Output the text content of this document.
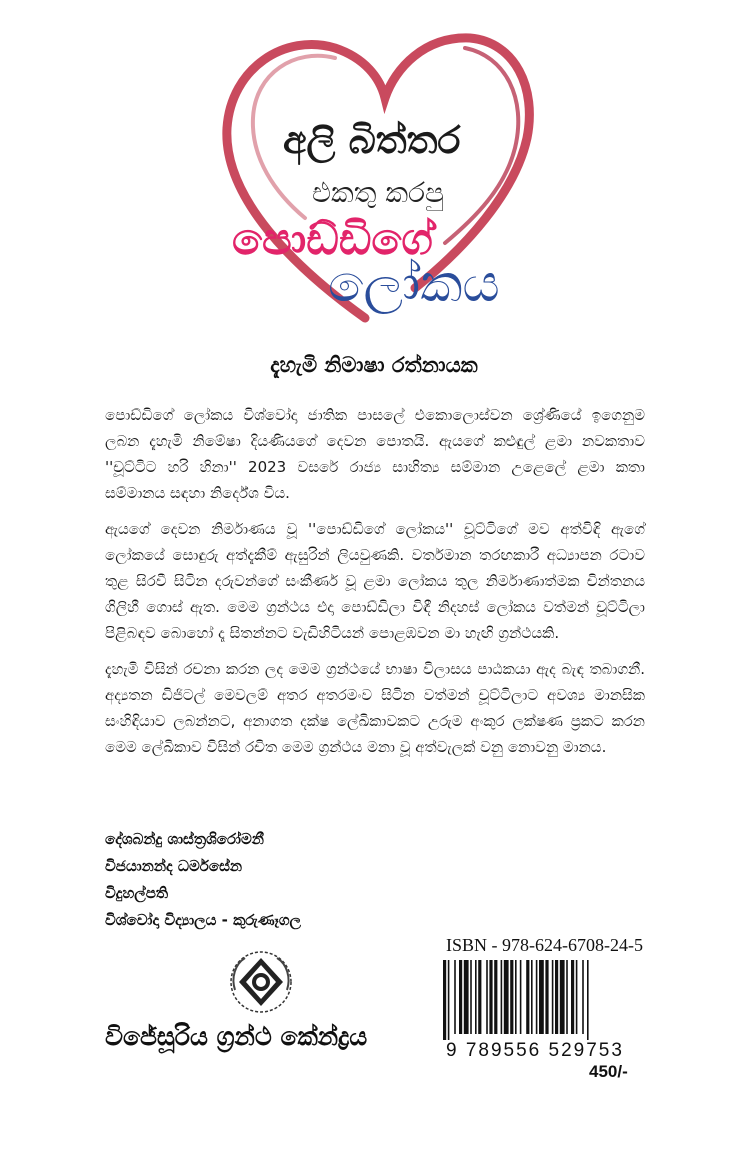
අලි බිත්තර
එකතු කරපු
පොඩ්ඩිගේ
ලෝකය
දැහැමි නිමාෂා රත්නායක

පොඩ්ඩිගේ ලෝකය විශ්වෝදා ජාතික පාසලේ එකොලොස්වන ශ්‍රේණියේ ඉගෙනුම ලබන දැහැමි නිමේෂා දියණියගේ දෙවන පොතයි. ඇයගේ කළුඳුල් ළමා නවකතාව ''චූට්ටිට හරි හිනා'' 2023 වසරේ රාජ්‍ය සාහිත්‍ය සම්මාන උළෙලේ ළමා කතා සම්මානය සඳහා නිර්දේශ විය.

ඇයගේ දෙවන නිර්මාණය වූ ''පොඩ්ඩිගේ ලෝකය'' චූට්ටිගේ මව අත්විඳි ඇගේ ලෝකයේ සොඳුරු අත්දැකීම් ඇසුරින් ලියවුණකි. වර්තමාන තරඟකාරී අධ්‍යාපන රටාව තුළ සිරවී සිටින දරුවන්ගේ සංකීර්ණ වූ ළමා ලෝකය තුල නිර්මාණාත්මක චින්තනය ගිලිහී ගොස් ඇත. මෙම ග්‍රන්ථය එදා පොඩ්ඩිලා විඳී නිදහස් ලෝකය වත්මන් චූට්ටිලා පිළිබඳව බොහෝ දෑ සිතන්නට වැඩිහිටියන් පොළඹවන මා හැඟි ග්‍රන්ථයකි.

දැහැමි විසින් රචනා කරන ලද මෙම ග්‍රන්ථයේ භාෂා විලාසය පාඨකයා ඇද බැඳ තබාගනී. අද්‍යතන ඩිජිටල් මෙවලම් අතර අතරමංව සිටින වත්මන් චූට්ටිලාට අවශ්‍ය මානසික සංහිඳියාව ලබන්නට, අනාගත දක්ෂ ලේඛිකාවකට උරුම අංකුර ලක්ෂණ ප්‍රකට කරන මෙම ලේඛිකාව විසින් රචිත මෙම ග්‍රන්ථය මනා වූ අත්වැලක් වනු නොවනු මානය.

දේශබන්දු ශාස්ත්‍රශිරෝමනී
විජයානන්ද ධර්මසේන
විදුහල්පති
විශ්වෝදා විද්‍යාලය - කුරුණෑගල
ISBN - 978-624-6708-24-5
9 789556 529753
450/-
විජේසූරිය ග්‍රන්ථ කේන්ද්‍රය
